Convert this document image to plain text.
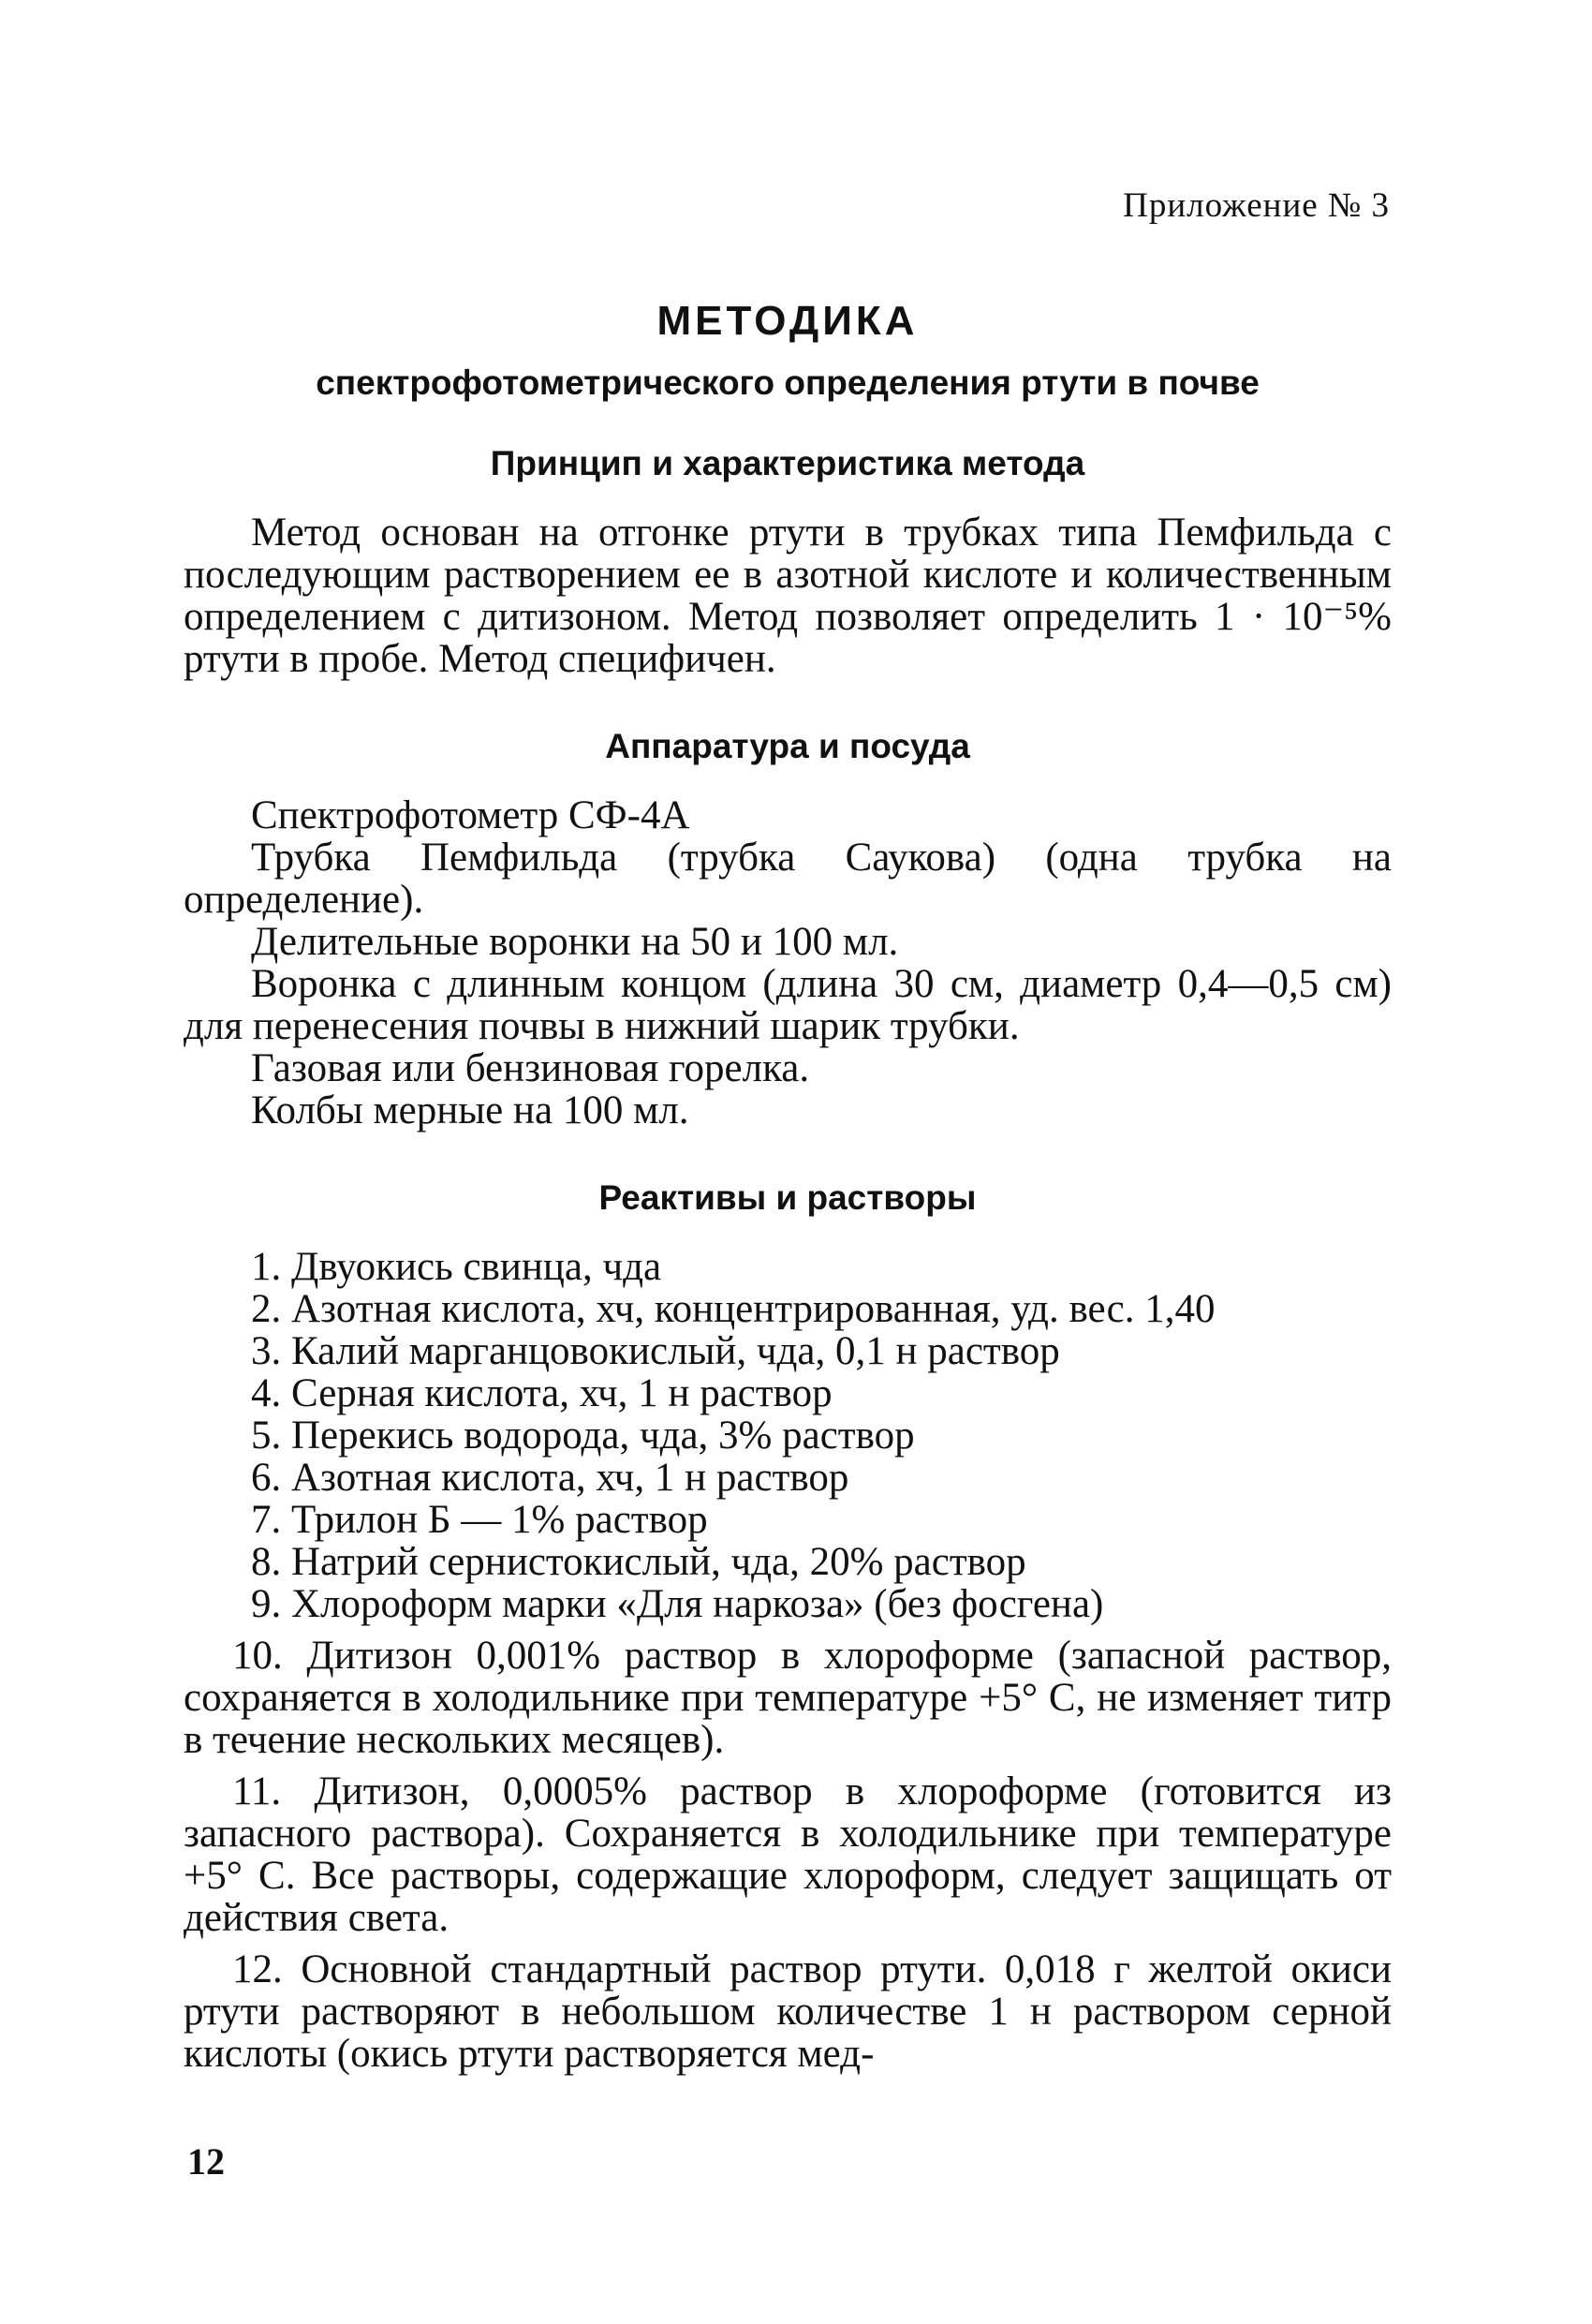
Приложение № 3
МЕТОДИКА
спектрофотометрического определения ртути в почве
Принцип и характеристика метода

Метод основан на отгонке ртути в трубках типа Пемфильда с последующим растворением ее в азотной кислоте и количественным определением с дитизоном. Метод позволяет определить 1 · 10⁻⁵% ртути в пробе. Метод специфичен.

Аппаратура и посуда
Спектрофотометр СФ-4А

Трубка Пемфильда (трубка Саукова) (одна трубка на определение).

Делительные воронки на 50 и 100 мл.

Воронка с длинным концом (длина 30 см, диаметр 0,4—0,5 см) для перенесения почвы в нижний шарик трубки.

Газовая или бензиновая горелка.
Колбы мерные на 100 мл.
Реактивы и растворы
1. Двуокись свинца, чда
2. Азотная кислота, хч, концентрированная, уд. вес. 1,40
3. Калий марганцовокислый, чда, 0,1 н раствор
4. Серная кислота, хч, 1 н раствор
5. Перекись водорода, чда, 3% раствор
6. Азотная кислота, хч, 1 н раствор
7. Трилон Б — 1% раствор
8. Натрий сернистокислый, чда, 20% раствор
9. Хлороформ марки «Для наркоза» (без фосгена)

10. Дитизон 0,001% раствор в хлороформе (запасной раствор, сохраняется в холодильнике при температуре +5° С, не изменяет титр в течение нескольких месяцев).

11. Дитизон, 0,0005% раствор в хлороформе (готовится из запасного раствора). Сохраняется в холодильнике при температуре +5° С. Все растворы, содержащие хлороформ, следует защищать от действия света.

12. Основной стандартный раствор ртути. 0,018 г желтой окиси ртути растворяют в небольшом количестве 1 н раствором серной кислоты (окись ртути растворяется мед-

12
